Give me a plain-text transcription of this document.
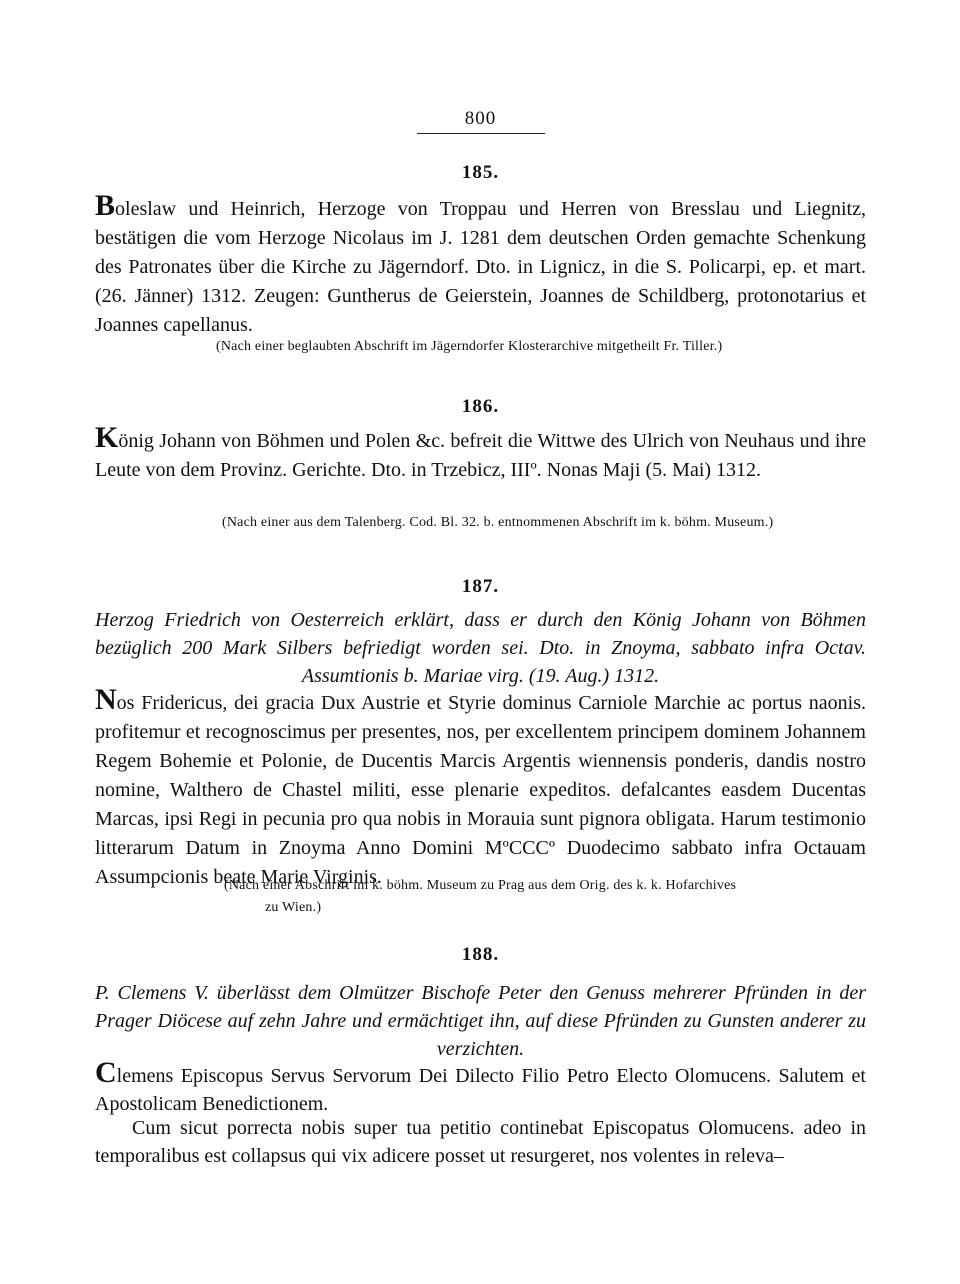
800
185.
Boleslaw und Heinrich, Herzoge von Troppau und Herren von Bresslau und Liegnitz, bestätigen die vom Herzoge Nicolaus im J. 1281 dem deutschen Orden gemachte Schenkung des Patronates über die Kirche zu Jägerndorf. Dto. in Lignicz, in die S. Policarpi, ep. et mart. (26. Jänner) 1312. Zeugen: Guntherus de Geierstein, Joannes de Schildberg, protonotarius et Joannes capellanus.
(Nach einer beglaubten Abschrift im Jägerndorfer Klosterarchive mitgetheilt Fr. Tiller.)
186.
König Johann von Böhmen und Polen &c. befreit die Wittwe des Ulrich von Neuhaus und ihre Leute von dem Provinz. Gerichte. Dto. in Trzebicz, IIIº. Nonas Maji (5. Mai) 1312.
(Nach einer aus dem Talenberg. Cod. Bl. 32. b. entnommenen Abschrift im k. böhm. Museum.)
187.
Herzog Friedrich von Oesterreich erklärt, dass er durch den König Johann von Böhmen bezüglich 200 Mark Silbers befriedigt worden sei. Dto. in Znoyma, sabbato infra Octav. Assumtionis b. Mariae virg. (19. Aug.) 1312.
Nos Fridericus, dei gracia Dux Austrie et Styrie dominus Carniole Marchie ac portus naonis. profitemur et recognoscimus per presentes, nos, per excellentem principem dominem Johannem Regem Bohemie et Polonie, de Ducentis Marcis Argentis wiennensis ponderis, dandis nostro nomine, Walthero de Chastel militi, esse plenarie expeditos. defalcantes easdem Ducentas Marcas, ipsi Regi in pecunia pro qua nobis in Morauia sunt pignora obligata. Harum testimonio litterarum Datum in Znoyma Anno Domini MºCCCº Duodecimo sabbato infra Octauam Assumpcionis beate Marie Virginis.
(Nach einer Abschrift im k. böhm. Museum zu Prag aus dem Orig. des k. k. Hofarchives
zu Wien.)
188.
P. Clemens V. überlässt dem Olmützer Bischofe Peter den Genuss mehrerer Pfründen in der Prager Diöcese auf zehn Jahre und ermächtiget ihn, auf diese Pfründen zu Gunsten anderer zu verzichten.
Clemens Episcopus Servus Servorum Dei Dilecto Filio Petro Electo Olomucens. Salutem et Apostolicam Benedictionem.
Cum sicut porrecta nobis super tua petitio continebat Episcopatus Olomucens. adeo in temporalibus est collapsus qui vix adicere posset ut resurgeret, nos volentes in releva–
